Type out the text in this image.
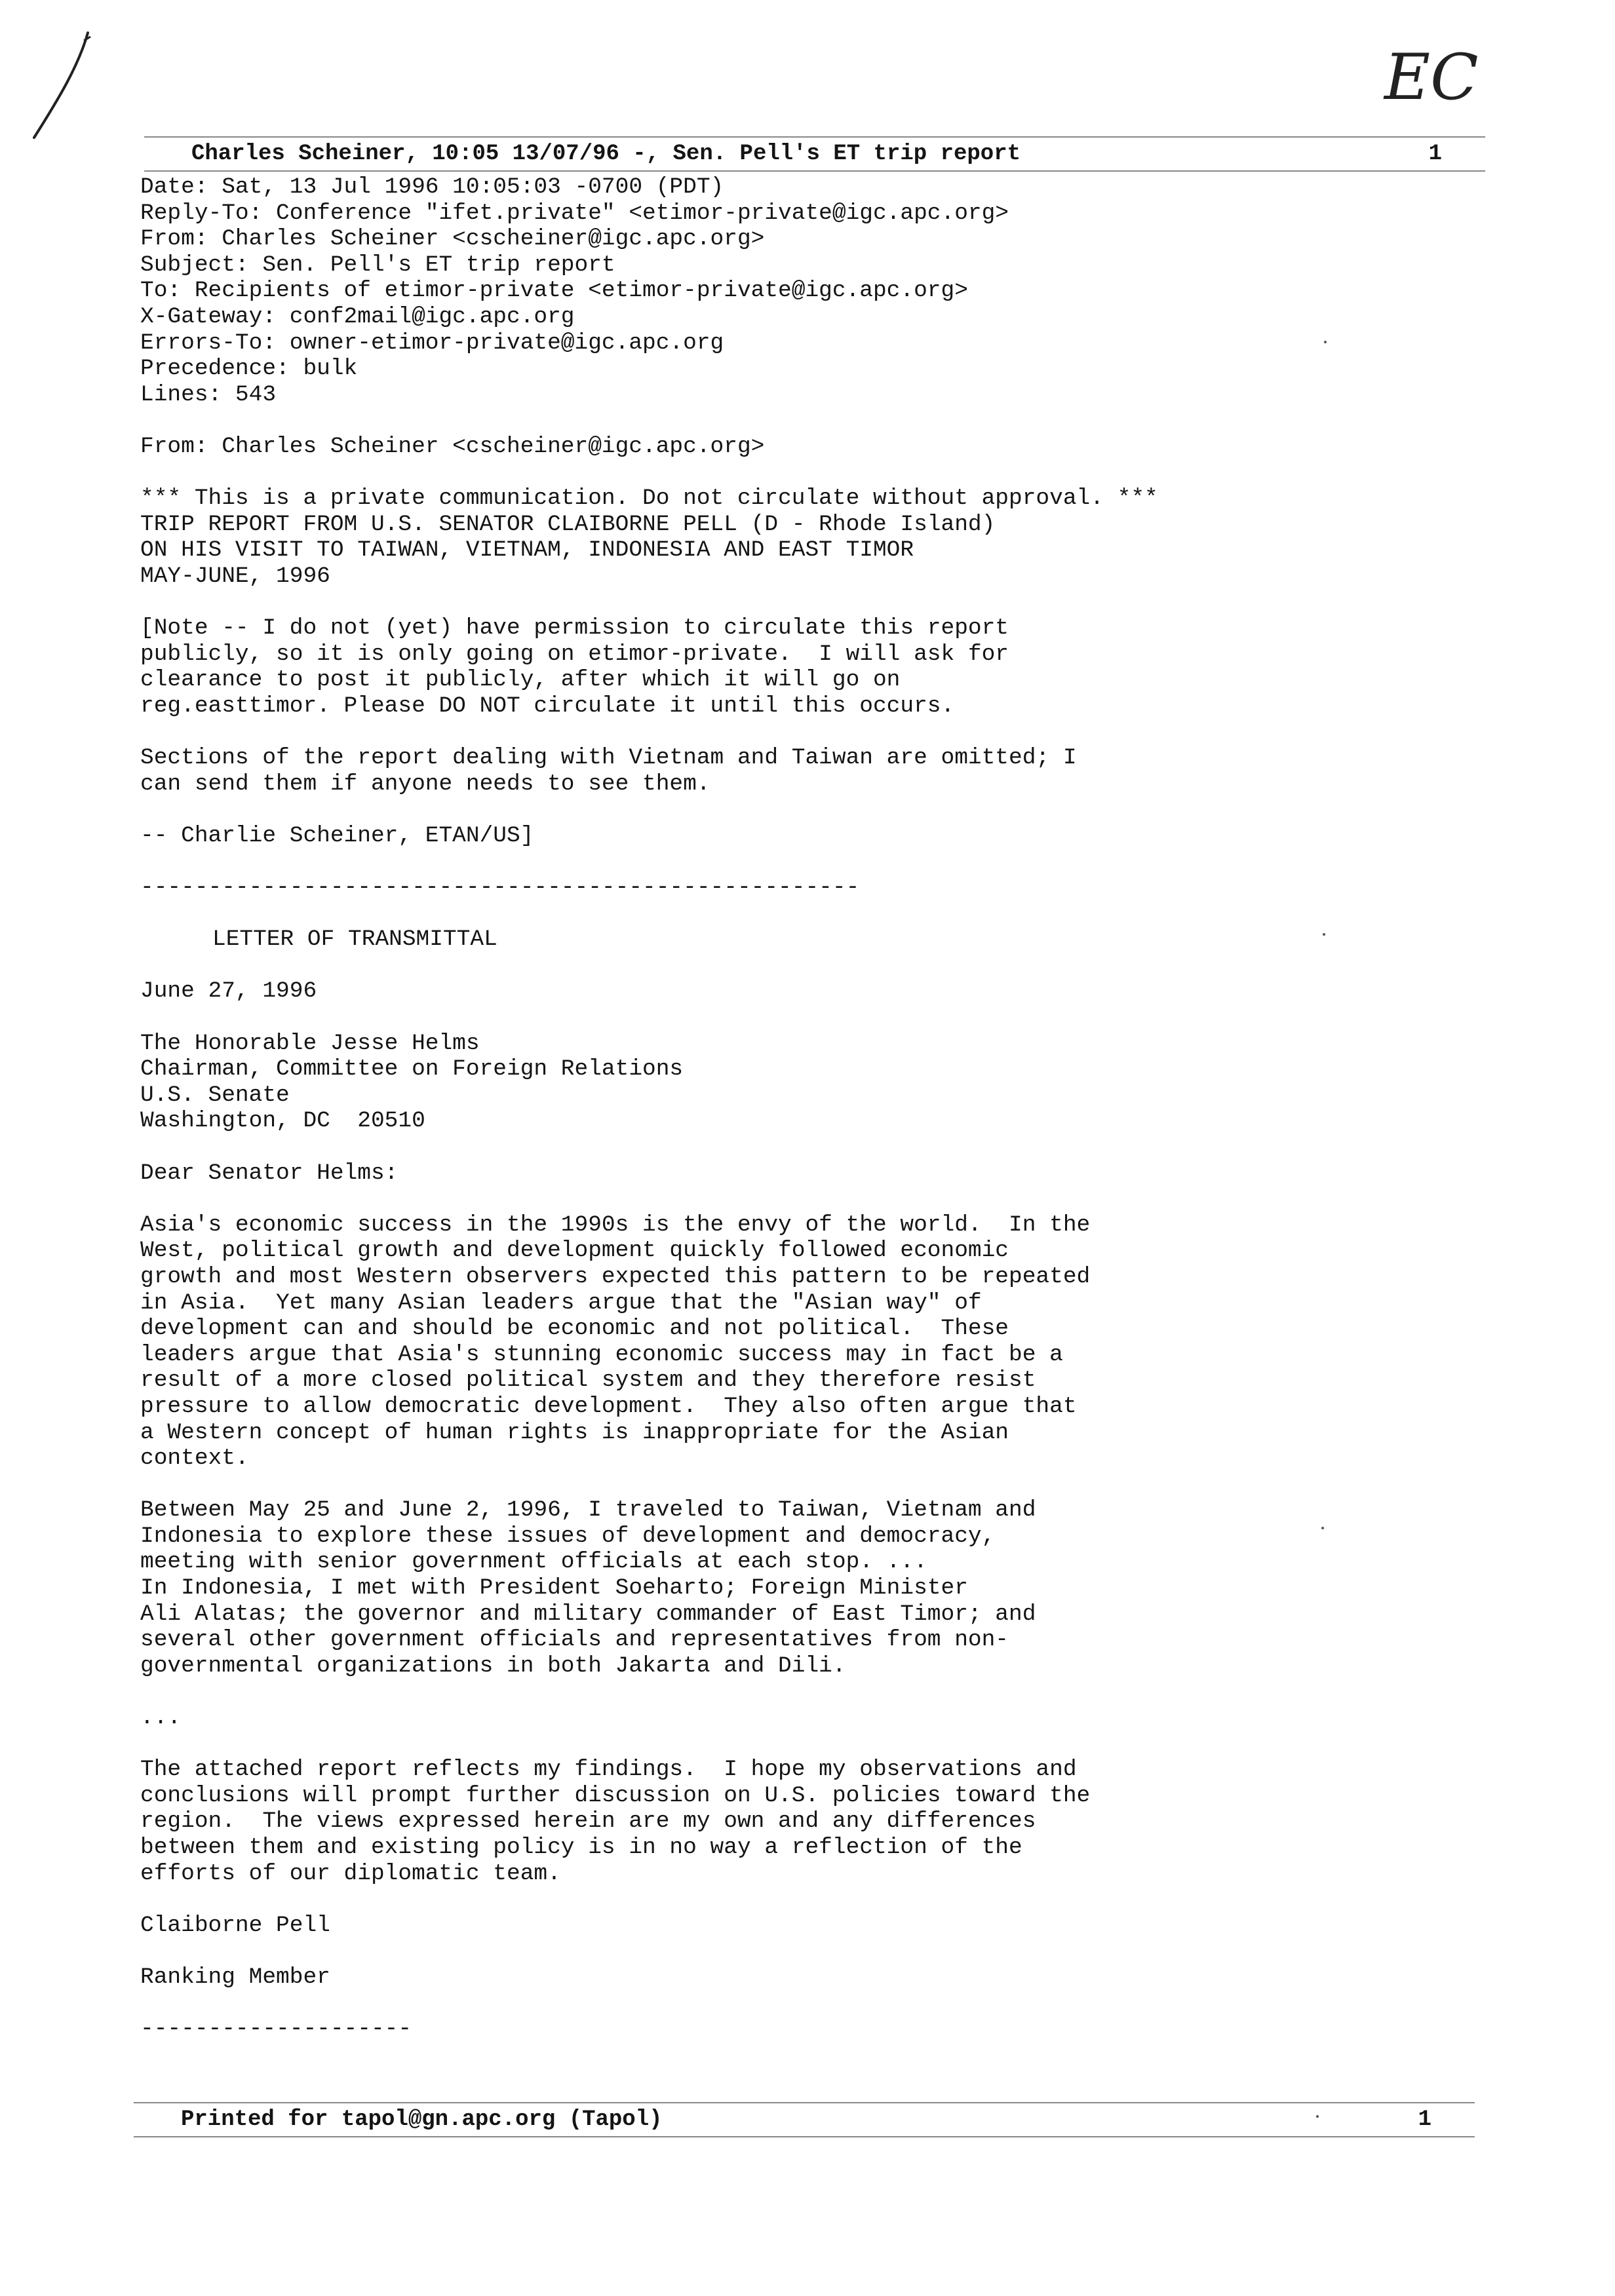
EC
Charles Scheiner, 10:05 13/07/96 -, Sen. Pell's ET trip report	1
Date: Sat, 13 Jul 1996 10:05:03 -0700 (PDT)
Reply-To: Conference "ifet.private" <etimor-private@igc.apc.org>
From: Charles Scheiner <cscheiner@igc.apc.org>
Subject: Sen. Pell's ET trip report
To: Recipients of etimor-private <etimor-private@igc.apc.org>
X-Gateway: conf2mail@igc.apc.org
Errors-To: owner-etimor-private@igc.apc.org
Precedence: bulk
Lines: 543
From: Charles Scheiner <cscheiner@igc.apc.org>
*** This is a private communication. Do not circulate without approval. ***
TRIP REPORT FROM U.S. SENATOR CLAIBORNE PELL (D - Rhode Island)
ON HIS VISIT TO TAIWAN, VIETNAM, INDONESIA AND EAST TIMOR
MAY-JUNE, 1996
[Note -- I do not (yet) have permission to circulate this report
publicly, so it is only going on etimor-private.  I will ask for
clearance to post it publicly, after which it will go on
reg.easttimor. Please DO NOT circulate it until this occurs.
Sections of the report dealing with Vietnam and Taiwan are omitted; I
can send them if anyone needs to see them.
-- Charlie Scheiner, ETAN/US]
-----------------------------------------------------
LETTER OF TRANSMITTAL
June 27, 1996
The Honorable Jesse Helms
Chairman, Committee on Foreign Relations
U.S. Senate
Washington, DC  20510
Dear Senator Helms:
Asia's economic success in the 1990s is the envy of the world.  In the
West, political growth and development quickly followed economic
growth and most Western observers expected this pattern to be repeated
in Asia.  Yet many Asian leaders argue that the "Asian way" of
development can and should be economic and not political.  These
leaders argue that Asia's stunning economic success may in fact be a
result of a more closed political system and they therefore resist
pressure to allow democratic development.  They also often argue that
a Western concept of human rights is inappropriate for the Asian
context.
Between May 25 and June 2, 1996, I traveled to Taiwan, Vietnam and
Indonesia to explore these issues of development and democracy,
meeting with senior government officials at each stop. ...
In Indonesia, I met with President Soeharto; Foreign Minister
Ali Alatas; the governor and military commander of East Timor; and
several other government officials and representatives from non-
governmental organizations in both Jakarta and Dili.
...
The attached report reflects my findings.  I hope my observations and
conclusions will prompt further discussion on U.S. policies toward the
region.  The views expressed herein are my own and any differences
between them and existing policy is in no way a reflection of the
efforts of our diplomatic team.
Claiborne Pell
Ranking Member
--------------------
Printed for tapol@gn.apc.org (Tapol)	1
